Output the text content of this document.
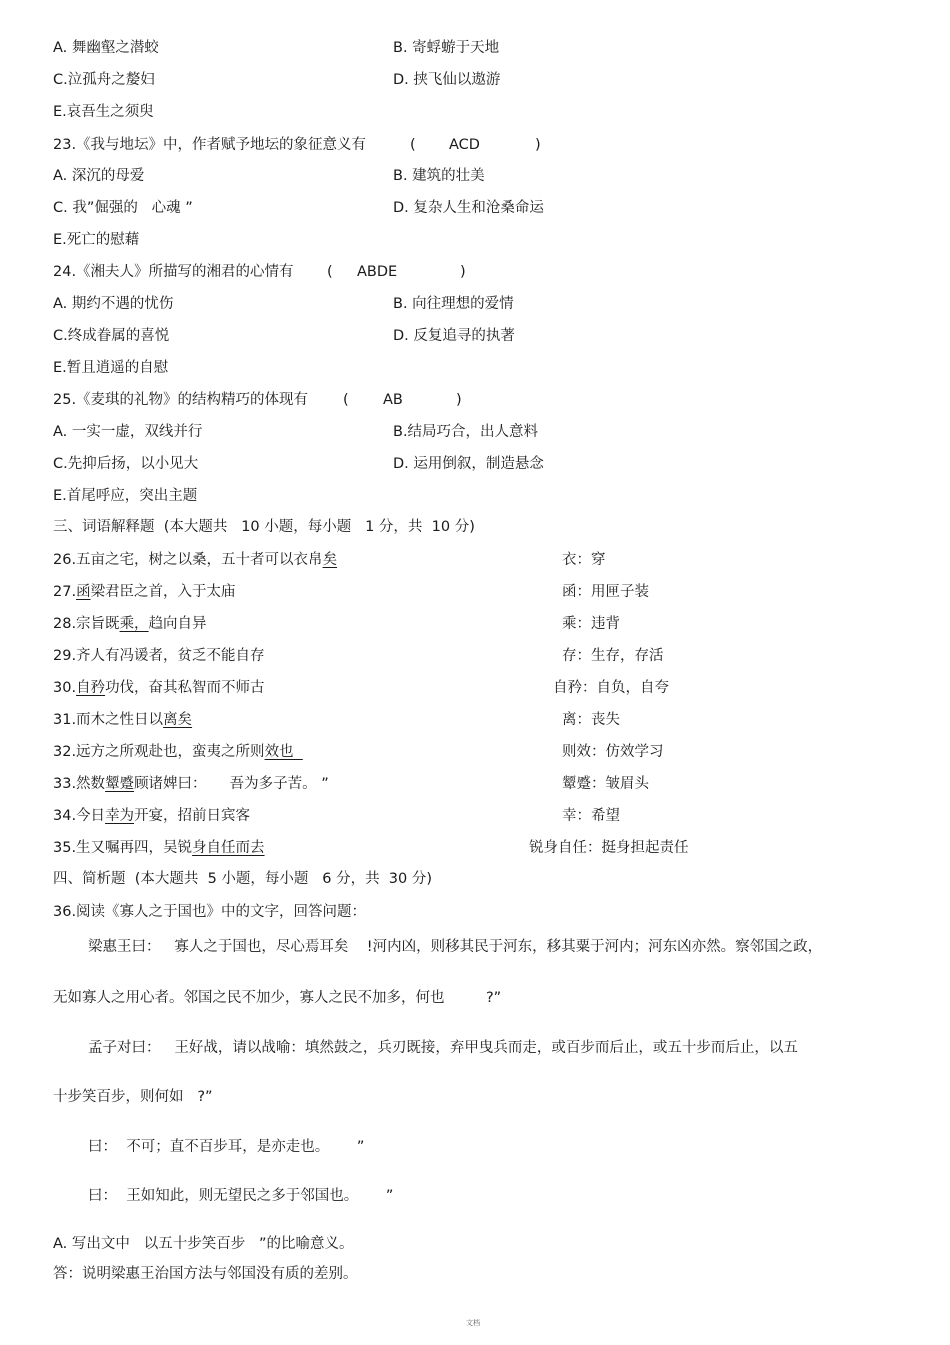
A. 舞幽壑之潜蛟	B. 寄蜉蝣于天地
C.泣孤舟之嫠妇	D. 挟飞仙以遨游
E.哀吾生之须臾
23.《我与地坛》中，作者赋予地坛的象征意义有	( ACD	)
A. 深沉的母爱	B. 建筑的壮美
C. 我”倔强的   心魂 ”	D. 复杂人生和沧桑命运
E.死亡的慰藉
24.《湘夫人》所描写的湘君的心情有 ( ABDE	)
A. 期约不遇的忧伤	B. 向往理想的爱情
C.终成眷属的喜悦	D. 反复追寻的执著
E.暂且逍遥的自慰
25.《麦琪的礼物》的结构精巧的体现有 ( AB	)
A. 一实一虚，双线并行	B.结局巧合，出人意料
C.先抑后扬，以小见大	D. 运用倒叙，制造悬念
E.首尾呼应，突出主题
三、词语解释题  (本大题共   10 小题，每小题   1 分，共  10 分)
26.五亩之宅，树之以桑，五十者可以衣帛矣	衣：穿
27.函梁君臣之首，入于太庙	函：用匣子装
28.宗旨既乘，趋向自异	乘：违背
29.齐人有冯谖者，贫乏不能自存	存：生存，存活
30.自矜功伐，奋其私智而不师古	自矜：自负，自夸
31.而木之性日以离矣	离：丧失
32.远方之所观赴也，蛮夷之所则效也	则效：仿效学习
33.然数颦蹙顾诸婢曰：     吾为多子苦。 ”	颦蹙：皱眉头
34.今日幸为开宴，招前日宾客	幸：希望
35.生又嘱再四，吴锐身自任而去	锐身自任：挺身担起责任
四、简析题  (本大题共  5 小题，每小题   6 分，共  30 分)
36.阅读《寡人之于国也》中的文字，回答问题：
梁惠王曰：   寡人之于国也，尽心焉耳矣    !河内凶，则移其民于河东，移其粟于河内；河东凶亦然。察邻国之政，
无如寡人之用心者。邻国之民不加少，寡人之民不加多，何也         ?”
孟子对曰：   王好战，请以战喻：填然鼓之，兵刃既接，弃甲曳兵而走，或百步而后止，或五十步而后止，以五
十步笑百步，则何如   ?”
曰：  不可；直不百步耳，是亦走也。      ”
曰：  王如知此，则无望民之多于邻国也。      ”
A. 写出文中   以五十步笑百步   ”的比喻意义。
答：说明梁惠王治国方法与邻国没有质的差别。
文档
